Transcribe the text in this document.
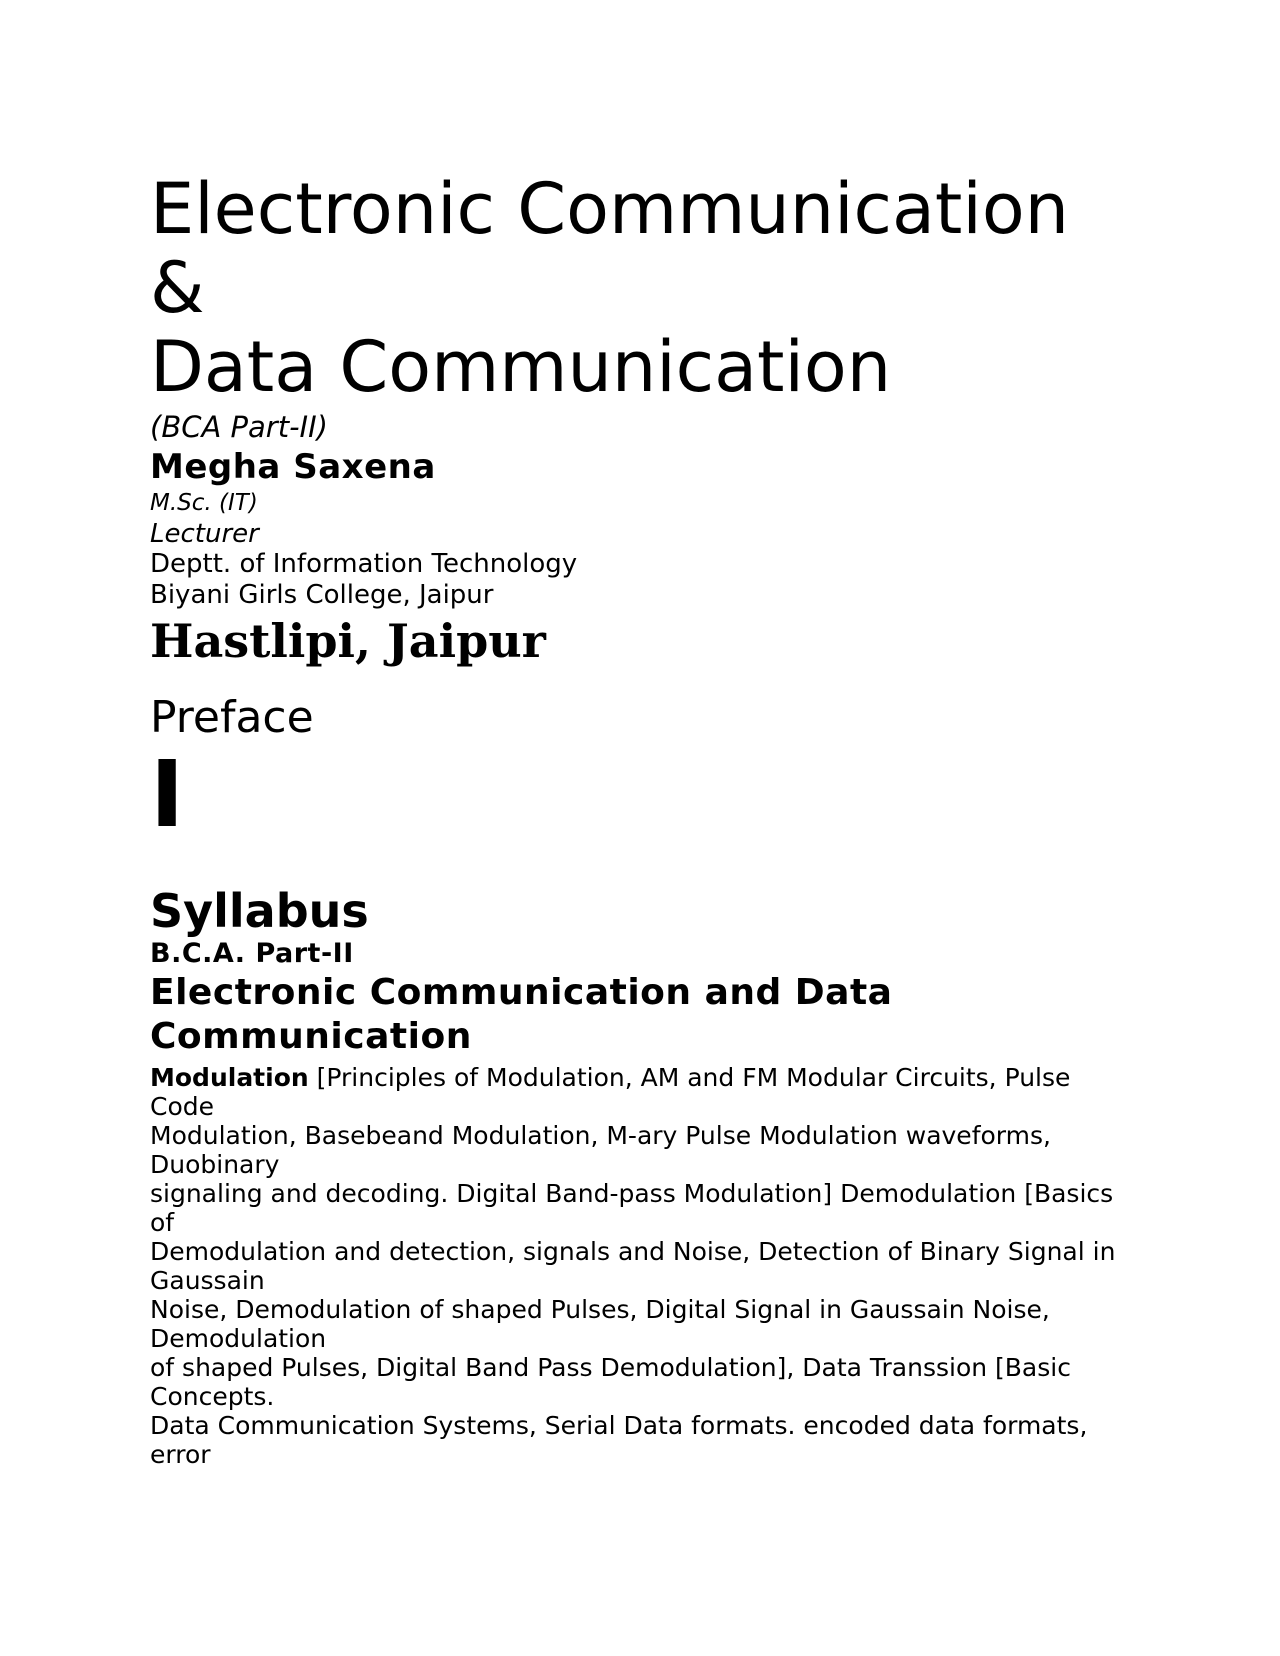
Electronic Communication

&

Data Communication

(BCA Part-II)

Megha Saxena

M.Sc. (IT)

Lecturer

Deptt. of Information Technology

Biyani Girls College, Jaipur

Hastlipi, Jaipur

Preface

I

Syllabus

B.C.A. Part-II

Electronic Communication and Data Communication

Modulation [Principles of Modulation, AM and FM Modular Circuits, Pulse Code
Modulation, Basebeand Modulation, M-ary Pulse Modulation waveforms, Duobinary
signaling and decoding. Digital Band-pass Modulation] Demodulation [Basics of
Demodulation and detection, signals and Noise, Detection of Binary Signal in Gaussain
Noise, Demodulation of shaped Pulses, Digital Signal in Gaussain Noise, Demodulation
of shaped Pulses, Digital Band Pass Demodulation], Data Transsion [Basic Concepts.
Data Communication Systems, Serial Data formats. encoded data formats, error
